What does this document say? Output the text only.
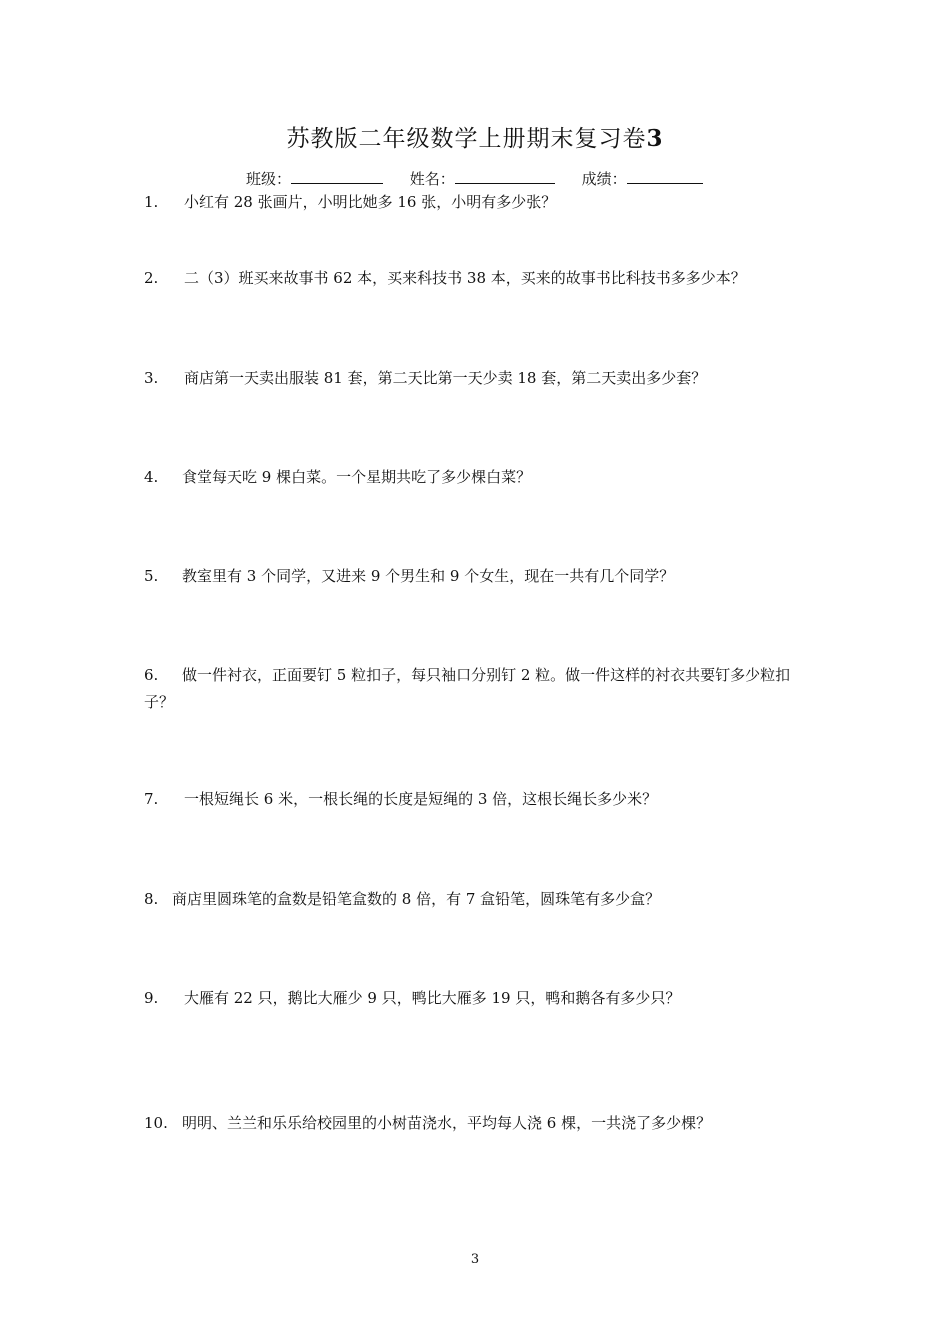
苏教版二年级数学上册期末复习卷3
班级：	姓名：	成绩：
1. 小红有 28 张画片，小明比她多 16 张，小明有多少张？
2. 二（3）班买来故事书 62 本，买来科技书 38 本，买来的故事书比科技书多多少本？
3. 商店第一天卖出服装 81 套，第二天比第一天少卖 18 套，第二天卖出多少套？
4. 食堂每天吃 9 棵白菜。一个星期共吃了多少棵白菜？
5. 教室里有 3 个同学，又进来 9 个男生和 9 个女生，现在一共有几个同学？
6. 做一件衬衣，正面要钉 5 粒扣子，每只袖口分别钉 2 粒。做一件这样的衬衣共要钉多少粒扣子？
7. 一根短绳长 6 米，一根长绳的长度是短绳的 3 倍，这根长绳长多少米？
8. 商店里圆珠笔的盒数是铅笔盒数的 8 倍，有 7 盒铅笔，圆珠笔有多少盒？
9. 大雁有 22 只，鹅比大雁少 9 只，鸭比大雁多 19 只，鸭和鹅各有多少只？
10. 明明、兰兰和乐乐给校园里的小树苗浇水，平均每人浇 6 棵，一共浇了多少棵？
3
